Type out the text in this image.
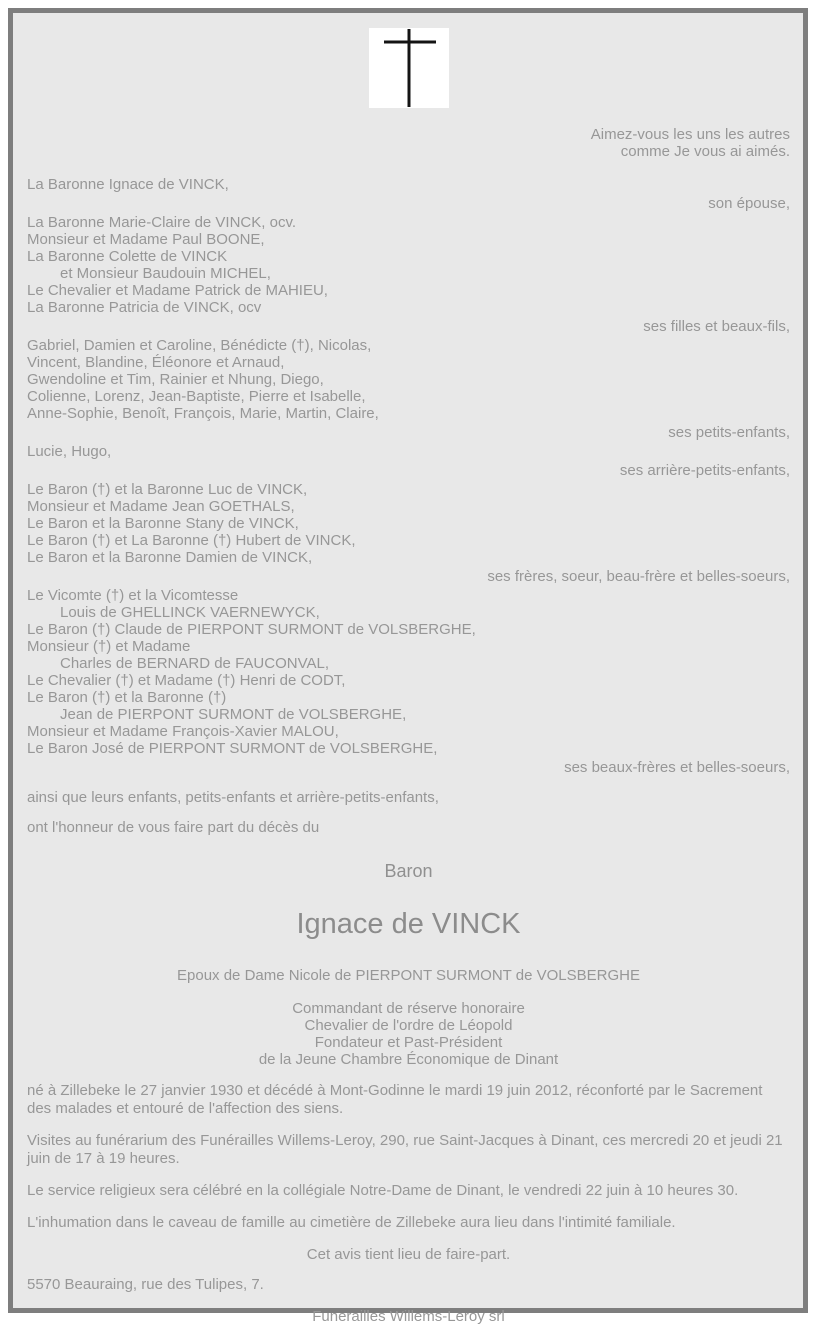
Aimez-vous les uns les autres
comme Je vous ai aimés.
La Baronne Ignace de VINCK,
son épouse,
La Baronne Marie-Claire de VINCK, ocv.
Monsieur et Madame Paul BOONE,
La Baronne Colette de VINCK
et Monsieur Baudouin MICHEL,
Le Chevalier et Madame Patrick de MAHIEU,
La Baronne Patricia de VINCK, ocv
ses filles et beaux-fils,
Gabriel, Damien et Caroline, Bénédicte (†), Nicolas,
Vincent, Blandine, Éléonore et Arnaud,
Gwendoline et Tim, Rainier et Nhung, Diego,
Colienne, Lorenz, Jean-Baptiste, Pierre et Isabelle,
Anne-Sophie, Benoît, François, Marie, Martin, Claire,
ses petits-enfants,
Lucie, Hugo,
ses arrière-petits-enfants,
Le Baron (†) et la Baronne Luc de VINCK,
Monsieur et Madame Jean GOETHALS,
Le Baron et la Baronne Stany de VINCK,
Le Baron (†) et La Baronne (†) Hubert de VINCK,
Le Baron et la Baronne Damien de VINCK,
ses frères, soeur, beau-frère et belles-soeurs,
Le Vicomte (†) et la Vicomtesse
Louis de GHELLINCK VAERNEWYCK,
Le Baron (†) Claude de PIERPONT SURMONT de VOLSBERGHE,
Monsieur (†) et Madame
Charles de BERNARD de FAUCONVAL,
Le Chevalier (†) et Madame (†) Henri de CODT,
Le Baron (†) et la Baronne (†)
Jean de PIERPONT SURMONT de VOLSBERGHE,
Monsieur et Madame François-Xavier MALOU,
Le Baron José de PIERPONT SURMONT de VOLSBERGHE,
ses beaux-frères et belles-soeurs,
ainsi que leurs enfants, petits-enfants et arrière-petits-enfants,
ont l'honneur de vous faire part du décès du
Baron
Ignace de VINCK
Epoux de Dame Nicole de PIERPONT SURMONT de VOLSBERGHE
Commandant de réserve honoraire
Chevalier de l'ordre de Léopold
Fondateur et Past-Président
de la Jeune Chambre Économique de Dinant
né à Zillebeke le 27 janvier 1930 et décédé à Mont-Godinne le mardi 19 juin 2012, réconforté par le Sacrement des malades et entouré de l'affection des siens.
Visites au funérarium des Funérailles Willems-Leroy, 290, rue Saint-Jacques à Dinant, ces mercredi 20 et jeudi 21 juin de 17 à 19 heures.
Le service religieux sera célébré en la collégiale Notre-Dame de Dinant, le vendredi 22 juin à 10 heures 30.
L'inhumation dans le caveau de famille au cimetière de Zillebeke aura lieu dans l'intimité familiale.
Cet avis tient lieu de faire-part.
5570 Beauraing, rue des Tulipes, 7.
Funerailles Willems-Leroy srl
